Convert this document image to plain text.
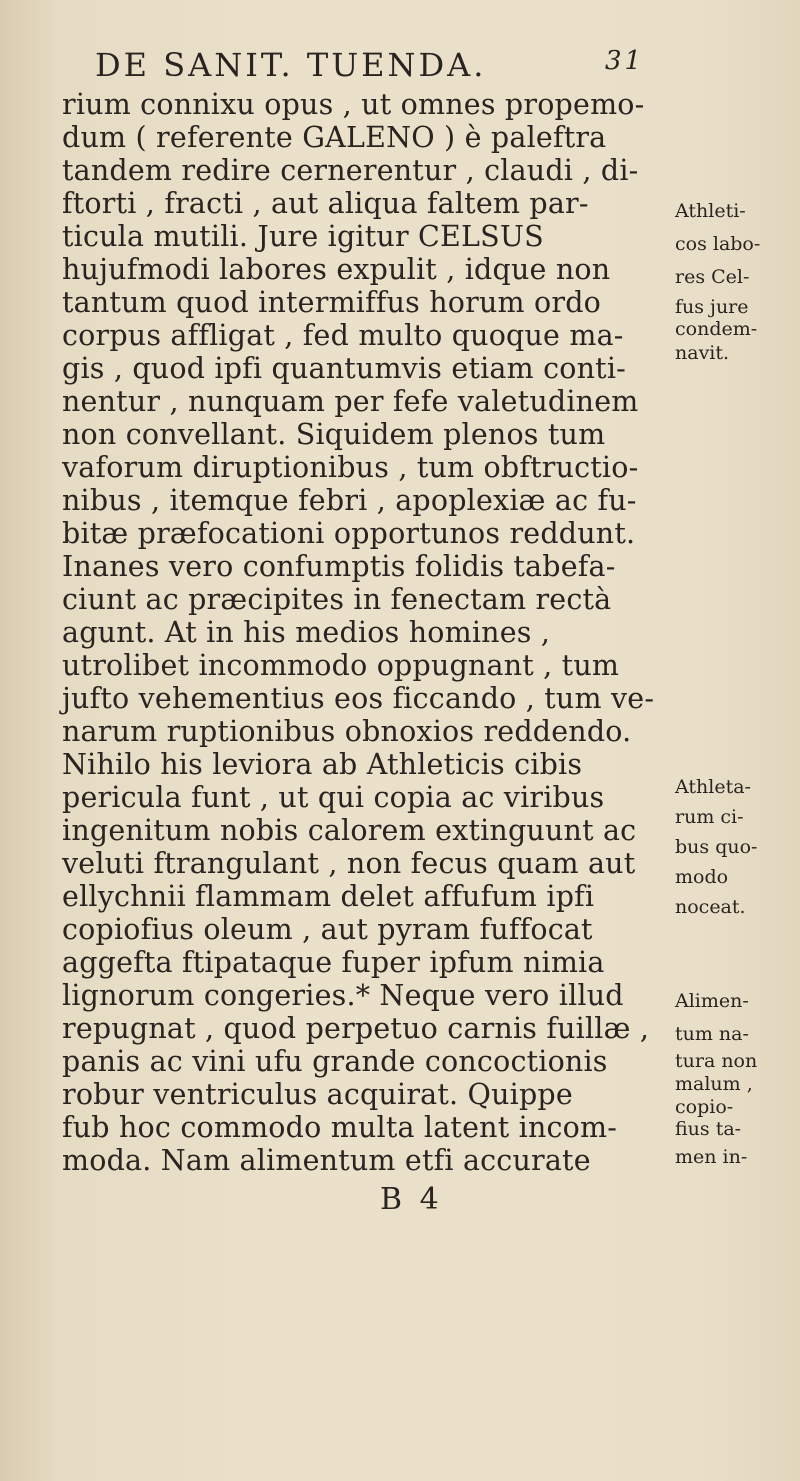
DE SANIT. TUENDA.	31
rium connixu opus , ut omnes propemo-
dum ( referente GALENO ) è paleftra
tandem redire cernerentur , claudi , di-
ftorti , fracti , aut aliqua faltem par-
ticula mutili. Jure igitur CELSUS
hujufmodi labores expulit , idque non
tantum quod intermiffus horum ordo
corpus affligat , fed multo quoque ma-
gis , quod ipfi quantumvis etiam conti-
nentur , nunquam per fefe valetudinem
non convellant. Siquidem plenos tum
vaforum diruptionibus , tum obftructio-
nibus , itemque febri , apoplexiæ ac fu-
bitæ præfocationi opportunos reddunt.
Inanes vero confumptis folidis tabefa-
ciunt ac præcipites in fenectam rectà
agunt. At in his medios homines ,
utrolibet incommodo oppugnant , tum
jufto vehementius eos ficcando , tum ve-
narum ruptionibus obnoxios reddendo.
Nihilo his leviora ab Athleticis cibis
pericula funt , ut qui copia ac viribus
ingenitum nobis calorem extinguunt ac
veluti ftrangulant , non fecus quam aut
ellychnii flammam delet affufum ipfi
copiofius oleum , aut pyram fuffocat
aggefta ftipataque fuper ipfum nimia
lignorum congeries.* Neque vero illud
repugnat , quod perpetuo carnis fuillæ ,
panis ac vini ufu grande concoctionis
robur ventriculus acquirat. Quippe
fub hoc commodo multa latent incom-
moda. Nam alimentum etfi accurate
Athleti-
cos labo-
res Cel-
fus jure
condem-
navit.
Athleta-
rum ci-
bus quo-
modo
noceat.
Alimen-
tum na-
tura non
malum ,
copio-
fius ta-
men in-
B 4
